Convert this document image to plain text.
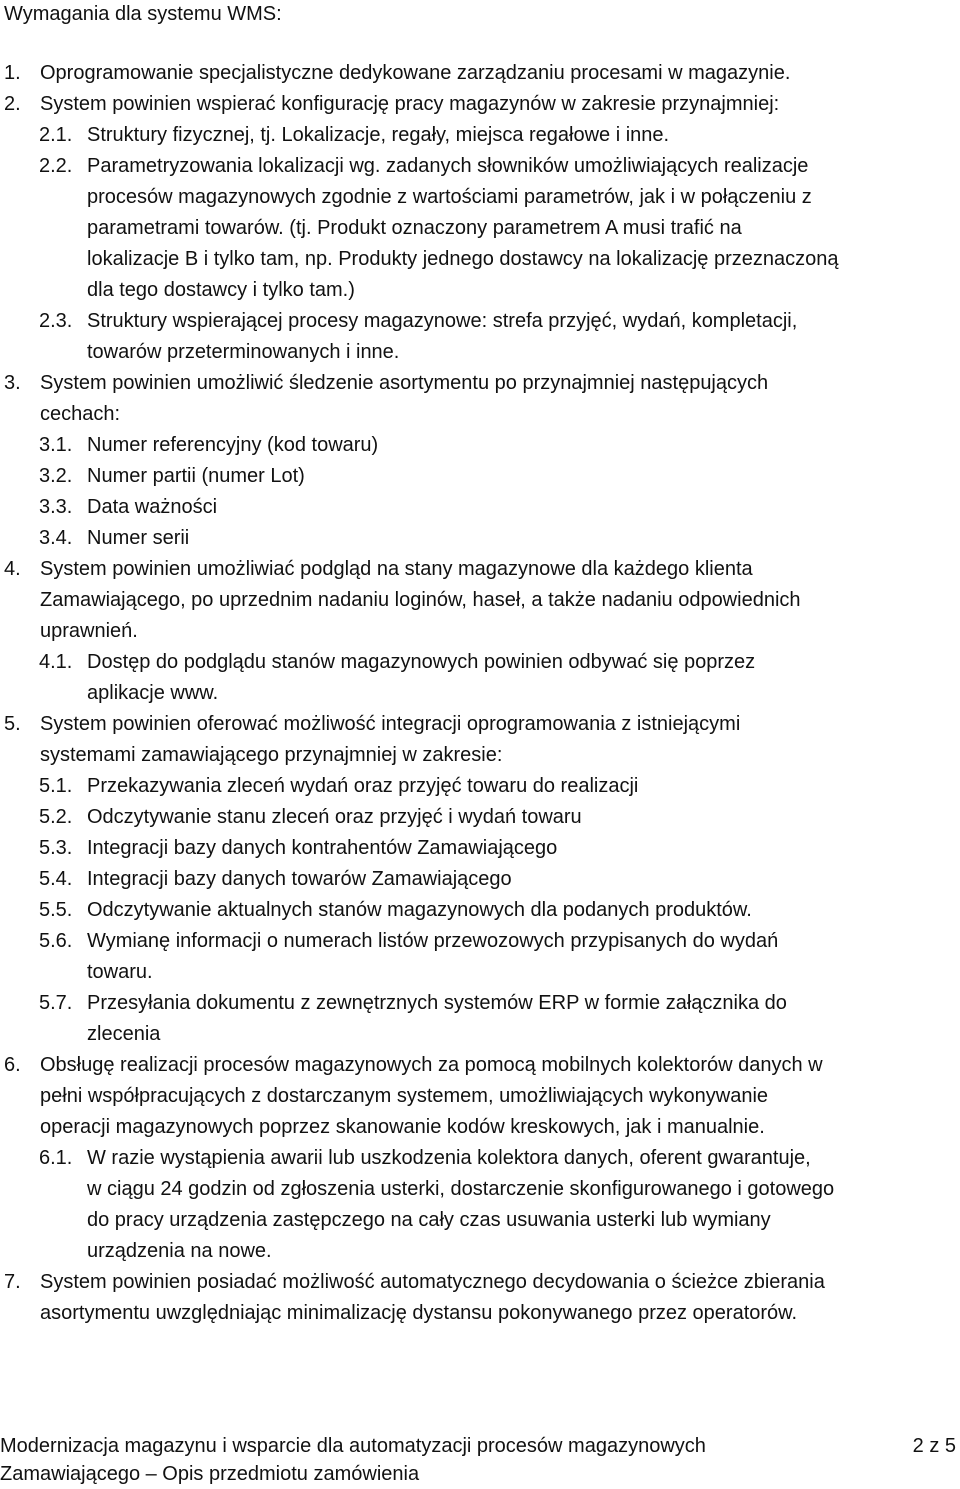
Wymagania dla systemu WMS:
1. Oprogramowanie specjalistyczne dedykowane zarządzaniu procesami w magazynie.
2. System powinien wspierać konfigurację pracy magazynów w zakresie przynajmniej:
2.1. Struktury fizycznej, tj. Lokalizacje, regały, miejsca regałowe i inne.
2.2. Parametryzowania lokalizacji wg. zadanych słowników umożliwiających realizacje
procesów magazynowych zgodnie z wartościami parametrów, jak i w połączeniu z
parametrami towarów. (tj. Produkt oznaczony parametrem A musi trafić na
lokalizacje B i tylko tam, np. Produkty jednego dostawcy na lokalizację przeznaczoną
dla tego dostawcy i tylko tam.)
2.3. Struktury wspierającej procesy magazynowe: strefa przyjęć, wydań, kompletacji,
towarów przeterminowanych i inne.
3. System powinien umożliwić śledzenie asortymentu po przynajmniej następujących
cechach:
3.1. Numer referencyjny (kod towaru)
3.2. Numer partii (numer Lot)
3.3. Data ważności
3.4. Numer serii
4. System powinien umożliwiać podgląd na stany magazynowe dla każdego klienta
Zamawiającego, po uprzednim nadaniu loginów, haseł, a także nadaniu odpowiednich
uprawnień.
4.1. Dostęp do podglądu stanów magazynowych powinien odbywać się poprzez
aplikacje www.
5. System powinien oferować możliwość integracji oprogramowania z istniejącymi
systemami zamawiającego przynajmniej w zakresie:
5.1. Przekazywania zleceń wydań oraz przyjęć towaru do realizacji
5.2. Odczytywanie stanu zleceń oraz przyjęć i wydań towaru
5.3. Integracji bazy danych kontrahentów Zamawiającego
5.4. Integracji bazy danych towarów Zamawiającego
5.5. Odczytywanie aktualnych stanów magazynowych dla podanych produktów.
5.6. Wymianę informacji o numerach listów przewozowych przypisanych do wydań
towaru.
5.7. Przesyłania dokumentu z zewnętrznych systemów ERP w formie załącznika do
zlecenia
6. Obsługę realizacji procesów magazynowych za pomocą mobilnych kolektorów danych w
pełni współpracujących z dostarczanym systemem, umożliwiających wykonywanie
operacji magazynowych poprzez skanowanie kodów kreskowych, jak i manualnie.
6.1. W razie wystąpienia awarii lub uszkodzenia kolektora danych, oferent gwarantuje,
w ciągu 24 godzin od zgłoszenia usterki, dostarczenie skonfigurowanego i gotowego
do pracy urządzenia zastępczego na cały czas usuwania usterki lub wymiany
urządzenia na nowe.
7. System powinien posiadać możliwość automatycznego decydowania o ścieżce zbierania
asortymentu uwzględniając minimalizację dystansu pokonywanego przez operatorów.
Modernizacja magazynu i wsparcie dla automatyzacji procesów magazynowych
Zamawiającego – Opis przedmiotu zamówienia
2 z 5
